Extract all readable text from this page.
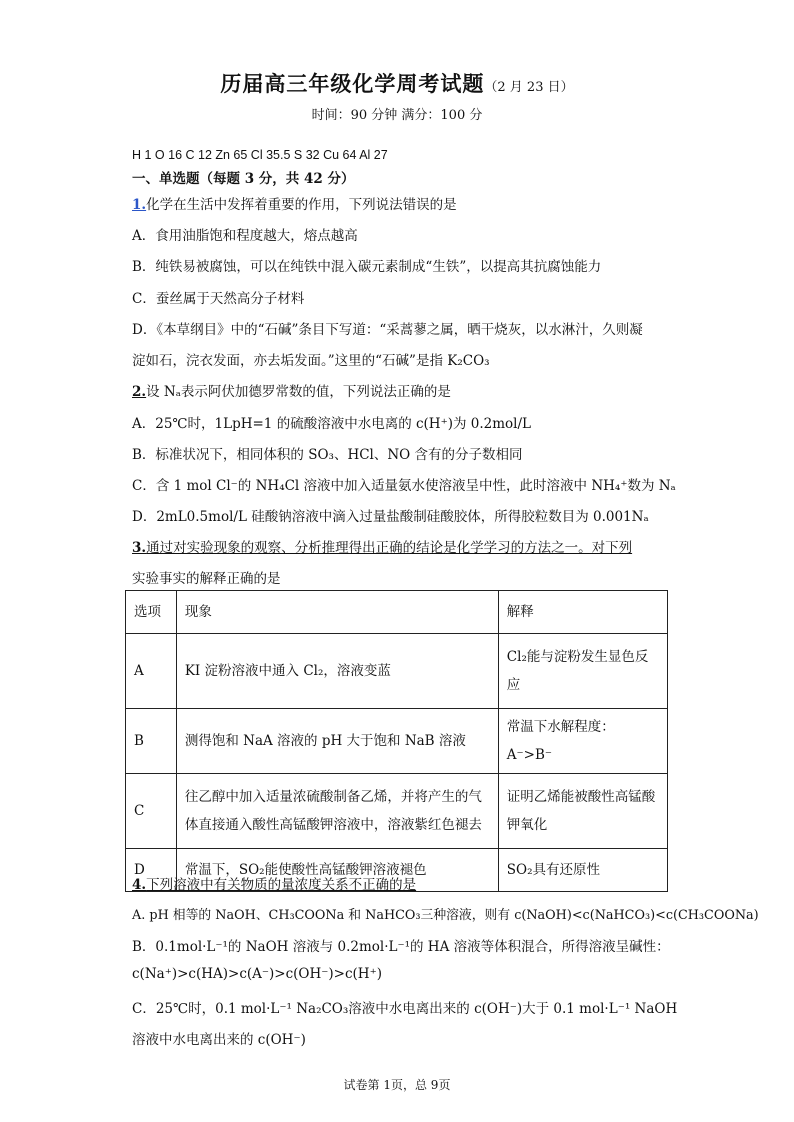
历届高三年级化学周考试题（2 月 23 日）
时间：90 分钟 满分：100 分
H 1 O 16 C 12 Zn 65 Cl 35.5 S 32 Cu 64 Al 27
一、单选题（每题 3 分，共 42 分）
1.化学在生活中发挥着重要的作用，下列说法错误的是
A．食用油脂饱和程度越大，熔点越高
B．纯铁易被腐蚀，可以在纯铁中混入碳元素制成“生铁”，以提高其抗腐蚀能力
C．蚕丝属于天然高分子材料
D．《本草纲目》中的“石碱”条目下写道：“采蒿蓼之属，晒干烧灰，以水淋汁，久则凝
淀如石，浣衣发面，亦去垢发面。”这里的“石碱”是指 K₂CO₃
2.设 Nₐ表示阿伏加德罗常数的值，下列说法正确的是
A．25℃时，1LpH=1 的硫酸溶液中水电离的 c(H⁺)为 0.2mol/L
B．标准状况下，相同体积的 SO₃、HCl、NO 含有的分子数相同
C．含 1 mol Cl⁻的 NH₄Cl 溶液中加入适量氨水使溶液呈中性，此时溶液中 NH₄⁺数为 Nₐ
D．2mL0.5mol/L 硅酸钠溶液中滴入过量盐酸制硅酸胶体，所得胶粒数目为 0.001Nₐ
3.通过对实验现象的观察、分析推理得出正确的结论是化学学习的方法之一。对下列
实验事实的解释正确的是
选项	现象	解释
A	KI 淀粉溶液中通入 Cl₂，溶液变蓝	Cl₂能与淀粉发生显色反应
B	测得饱和 NaA 溶液的 pH 大于饱和 NaB 溶液	常温下水解程度：A⁻>B⁻
C	往乙醇中加入适量浓硫酸制备乙烯，并将产生的气体直接通入酸性高锰酸钾溶液中，溶液紫红色褪去	证明乙烯能被酸性高锰酸钾氧化
D	常温下，SO₂能使酸性高锰酸钾溶液褪色	SO₂具有还原性
4.下列溶液中有关物质的量浓度关系不正确的是
A. pH 相等的 NaOH、CH₃COONa 和 NaHCO₃三种溶液，则有 c(NaOH)<c(NaHCO₃)<c(CH₃COONa)
B．0.1mol·L⁻¹的 NaOH 溶液与 0.2mol·L⁻¹的 HA 溶液等体积混合，所得溶液呈碱性：
c(Na⁺)>c(HA)>c(A⁻)>c(OH⁻)>c(H⁺)
C．25℃时，0.1 mol·L⁻¹ Na₂CO₃溶液中水电离出来的 c(OH⁻)大于 0.1 mol·L⁻¹ NaOH
溶液中水电离出来的 c(OH⁻)
试卷第 1页，总 9页
